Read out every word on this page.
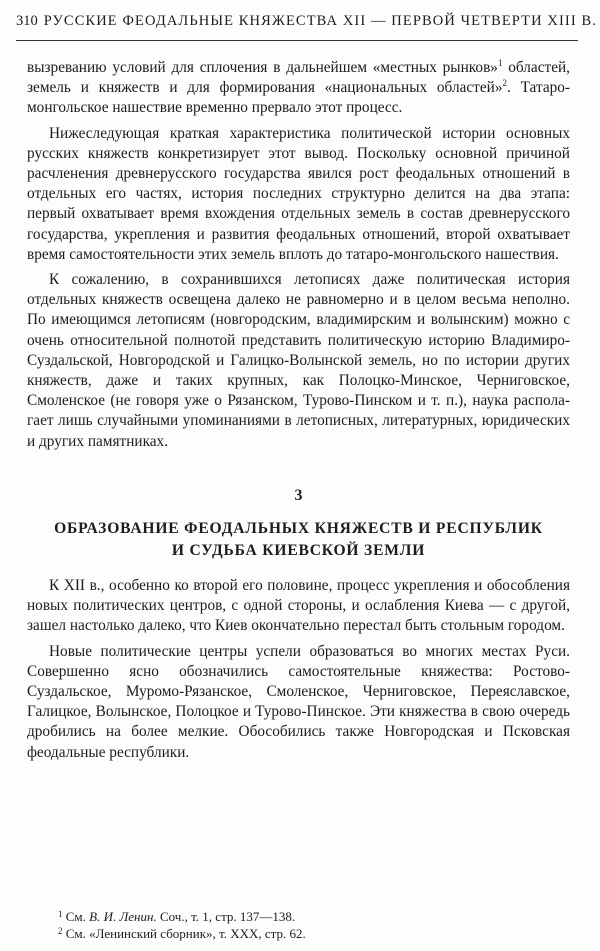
310 РУССКИЕ ФЕОДАЛЬНЫЕ КНЯЖЕСТВА XII — ПЕРВОЙ ЧЕТВЕРТИ XIII В.

вызреванию условий для сплочения в дальнейшем «местных рынков»$^1$ областей, земель и княжеств и для формирования «национальных областей»$^2$. Татаро-монгольское нашествие временно прервало этот процесс.

Нижеследующая краткая характеристика политической истории основных русских княжеств конкретизирует этот вывод. Поскольку основной причиной расчленения древнерусского государства явился рост феодальных отношений в отдельных его частях, история последних структурно делится на два этапа: первый охватывает время вхождения отдельных земель в состав древнерусского государства, укрепления и развития феодальных отношений, второй охватывает время самостоятельности этих земель вплоть до татаро-монгольского нашествия.

К сожалению, в сохранившихся летописях даже политическая история отдельных княжеств освещена далеко не равномерно и в целом весьма неполно. По имеющимся летописям (новгородским, владимирским и волынским) можно с очень относительной полнотой представить политическую историю Владимиро-Суздальской, Новгородской и Галицко-Волынской земель, но по истории других княжеств, даже и таких крупных, как Полоцко-Минское, Черниговское, Смоленское (не говоря уже о Рязанском, Турово-Пинском и т. п.), наука располагает лишь случайными упоминаниями в летописных, литературных, юридических и других памятниках.

3
ОБРАЗОВАНИЕ ФЕОДАЛЬНЫХ КНЯЖЕСТВ И РЕСПУБЛИК
И СУДЬБА КИЕВСКОЙ ЗЕМЛИ

К XII в., особенно ко второй его половине, процесс укрепления и обособления новых политических центров, с одной стороны, и ослабления Киева — с другой, зашел настолько далеко, что Киев окончательно перестал быть стольным городом.

Новые политические центры успели образоваться во многих местах Руси. Совершенно ясно обозначились самостоятельные княжества: Ростово-Суздальское, Муромо-Рязанское, Смоленское, Черниговское, Переяславское, Галицкое, Волынское, Полоцкое и Турово-Пинское. Эти княжества в свою очередь дробились на более мелкие. Обособились также Новгородская и Псковская феодальные республики.

$^1$ См. В. И. Ленин. Соч., т. 1, стр. 137—138.
$^2$ См. «Ленинский сборник», т. XXX, стр. 62.
